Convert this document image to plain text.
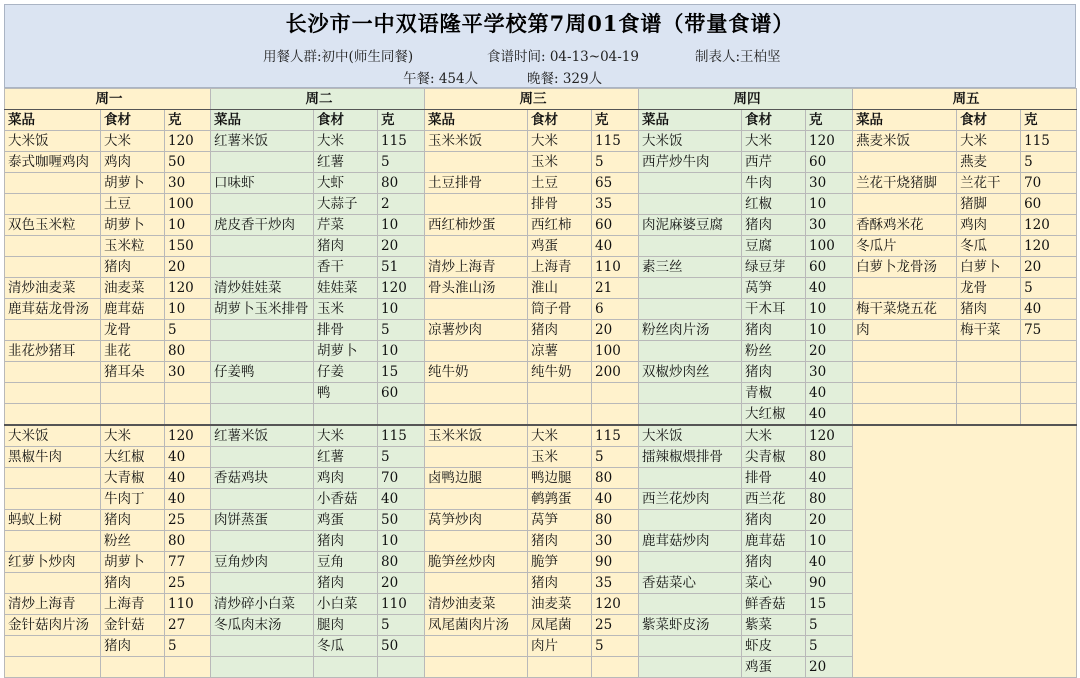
长沙市一中双语隆平学校第7周01食谱（带量食谱）
用餐人群:初中(师生同餐)	食谱时间: 04-13~04-19	制表人:王柏坚
午餐: 454人	晚餐: 329人
周一			周二			周三			周四			周五		
菜品	食材	克	菜品	食材	克	菜品	食材	克	菜品	食材	克	菜品	食材	克
大米饭	大米	120	红薯米饭	大米	115	玉米米饭	大米	115	大米饭	大米	120	燕麦米饭	大米	115
泰式咖喱鸡肉	鸡肉	50		红薯	5		玉米	5	西芹炒牛肉	西芹	60		燕麦	5
	胡萝卜	30	口味虾	大虾	80	土豆排骨	土豆	65		牛肉	30	兰花干烧猪脚	兰花干	70
	土豆	100		大蒜子	2		排骨	35		红椒	10		猪脚	60
双色玉米粒	胡萝卜	10	虎皮香干炒肉	芹菜	10	西红柿炒蛋	西红柿	60	肉泥麻婆豆腐	猪肉	30	香酥鸡米花	鸡肉	120
	玉米粒	150		猪肉	20		鸡蛋	40		豆腐	100	冬瓜片	冬瓜	120
	猪肉	20		香干	51	清炒上海青	上海青	110	素三丝	绿豆芽	60	白萝卜龙骨汤	白萝卜	20
清炒油麦菜	油麦菜	120	清炒娃娃菜	娃娃菜	120	骨头淮山汤	淮山	21		莴笋	40		龙骨	5
鹿茸菇龙骨汤	鹿茸菇	10	胡萝卜玉米排骨	玉米	10		筒子骨	6		干木耳	10	梅干菜烧五花	猪肉	40
	龙骨	5		排骨	5	凉薯炒肉	猪肉	20	粉丝肉片汤	猪肉	10	肉	梅干菜	75
韭花炒猪耳	韭花	80		胡萝卜	10		凉薯	100		粉丝	20			
	猪耳朵	30	仔姜鸭	仔姜	15	纯牛奶	纯牛奶	200	双椒炒肉丝	猪肉	30			
				鸭	60					青椒	40			
										大红椒	40			
大米饭	大米	120	红薯米饭	大米	115	玉米米饭	大米	115	大米饭	大米	120			
黑椒牛肉	大红椒	40		红薯	5		玉米	5	擂辣椒煨排骨	尖青椒	80			
	大青椒	40	香菇鸡块	鸡肉	70	卤鸭边腿	鸭边腿	80		排骨	40			
	牛肉丁	40		小香菇	40		鹌鹑蛋	40	西兰花炒肉	西兰花	80			
蚂蚁上树	猪肉	25	肉饼蒸蛋	鸡蛋	50	莴笋炒肉	莴笋	80		猪肉	20			
	粉丝	80		猪肉	10		猪肉	30	鹿茸菇炒肉	鹿茸菇	10			
红萝卜炒肉	胡萝卜	77	豆角炒肉	豆角	80	脆笋丝炒肉	脆笋	90		猪肉	40			
	猪肉	25		猪肉	20		猪肉	35	香菇菜心	菜心	90			
清炒上海青	上海青	110	清炒碎小白菜	小白菜	110	清炒油麦菜	油麦菜	120		鲜香菇	15			
金针菇肉片汤	金针菇	27	冬瓜肉末汤	腿肉	5	凤尾菌肉片汤	凤尾菌	25	紫菜虾皮汤	紫菜	5			
	猪肉	5		冬瓜	50		肉片	5		虾皮	5			
										鸡蛋	20			
